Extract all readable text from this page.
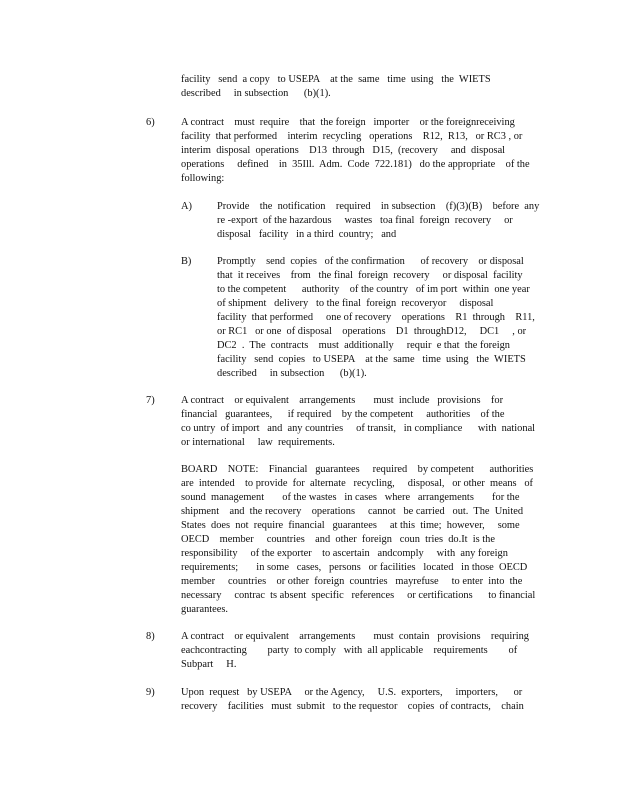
facility   send  a copy   to USEPA    at the  same   time  using   the  WIETS
described     in subsection      (b)(1).
6)	A contract    must  require    that  the foreign   importer    or the foreignreceiving
facility  that performed    interim  recycling   operations    R12,  R13,   or RC3 , or
interim  disposal  operations    D13  through   D15,  (recovery     and  disposal
operations     defined    in  35Ill.  Adm.  Code  722.181)   do the appropriate    of the
following:
A) Provide    the  notification    required    in subsection    (f)(3)(B)    before  any
re -export  of the hazardous     wastes   toa final  foreign  recovery     or
disposal   facility   in a third  country;   and
B) Promptly    send  copies   of the confirmation      of recovery    or disposal
that  it receives    from   the final  foreign  recovery     or disposal  facility
to the competent      authority    of the country   of im port  within  one year
of shipment   delivery   to the final  foreign  recoveryor     disposal
facility  that performed     one of recovery    operations    R1  through    R11,
or RC1   or one  of disposal    operations    D1  throughD12,     DC1     , or
DC2  .  The  contracts    must  additionally     requir  e that  the foreign
facility   send  copies   to USEPA    at the  same   time  using   the  WIETS
described     in subsection      (b)(1).
7)	A contract    or equivalent    arrangements       must  include   provisions    for
financial   guarantees,      if required    by the competent     authorities    of the
co untry  of import   and  any countries     of transit,   in compliance      with  national
or international     law  requirements.
BOARD    NOTE:    Financial   guarantees     required    by competent      authorities
are  intended    to provide  for  alternate   recycling,     disposal,   or other  means   of
sound  management       of the wastes   in cases   where   arrangements       for the
shipment    and  the recovery    operations     cannot   be carried   out.  The  United
States  does  not  require  financial   guarantees     at this  time;  however,     some
OECD    member     countries    and  other  foreign   coun  tries  do.It  is the
responsibility     of the exporter    to ascertain   andcomply     with  any foreign
requirements;       in some   cases,   persons   or facilities   located   in those  OECD
member     countries    or other  foreign  countries   mayrefuse     to enter  into  the
necessary     contrac  ts absent  specific   references     or certifications      to financial
guarantees.
8)	A contract    or equivalent    arrangements       must  contain   provisions    requiring
eachcontracting        party  to comply   with  all applicable    requirements        of
Subpart     H.
9)	Upon  request   by USEPA     or the Agency,     U.S.  exporters,     importers,      or
recovery    facilities   must  submit   to the requestor    copies  of contracts,    chain
